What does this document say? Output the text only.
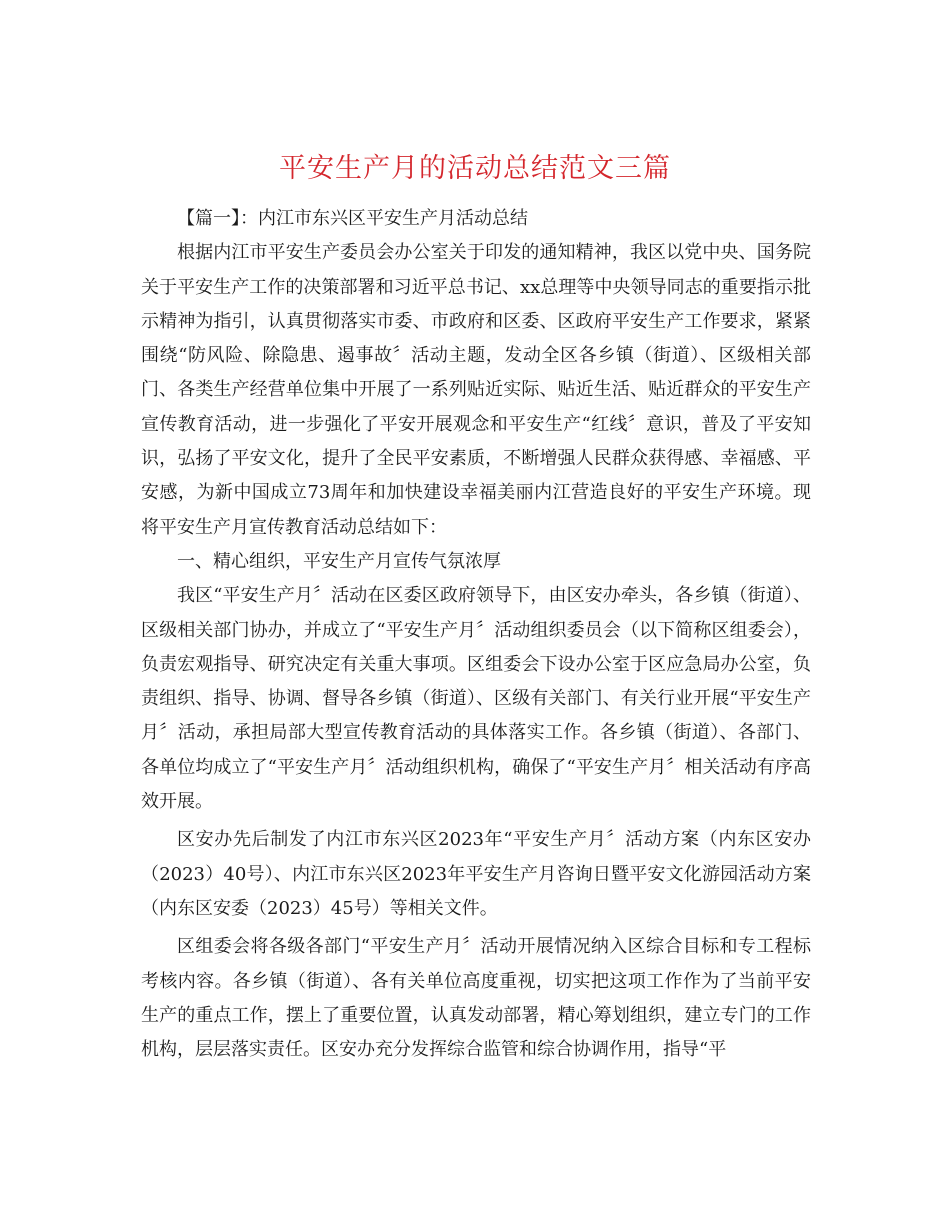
平安生产月的活动总结范文三篇

【篇一】：内江市东兴区平安生产月活动总结

根据内江市平安生产委员会办公室关于印发的通知精神，我区以党中央、国务院关于平安生产工作的决策部署和习近平总书记、xx总理等中央领导同志的重要指示批示精神为指引，认真贯彻落实市委、市政府和区委、区政府平安生产工作要求，紧紧围绕“防风险、除隐患、遏事故〞活动主题，发动全区各乡镇（街道）、区级相关部门、各类生产经营单位集中开展了一系列贴近实际、贴近生活、贴近群众的平安生产宣传教育活动，进一步强化了平安开展观念和平安生产“红线〞意识，普及了平安知识，弘扬了平安文化，提升了全民平安素质，不断增强人民群众获得感、幸福感、平安感，为新中国成立73周年和加快建设幸福美丽内江营造良好的平安生产环境。现将平安生产月宣传教育活动总结如下：

一、精心组织，平安生产月宣传气氛浓厚

我区“平安生产月〞活动在区委区政府领导下，由区安办牵头，各乡镇（街道）、区级相关部门协办，并成立了“平安生产月〞活动组织委员会（以下简称区组委会），负责宏观指导、研究决定有关重大事项。区组委会下设办公室于区应急局办公室，负责组织、指导、协调、督导各乡镇（街道）、区级有关部门、有关行业开展“平安生产月〞活动，承担局部大型宣传教育活动的具体落实工作。各乡镇（街道）、各部门、各单位均成立了“平安生产月〞活动组织机构，确保了“平安生产月〞相关活动有序高效开展。

区安办先后制发了内江市东兴区2023年“平安生产月〞活动方案（内东区安办（2023）40号）、内江市东兴区2023年平安生产月咨询日暨平安文化游园活动方案（内东区安委（2023）45号）等相关文件。

区组委会将各级各部门“平安生产月〞活动开展情况纳入区综合目标和专工程标考核内容。各乡镇（街道）、各有关单位高度重视，切实把这项工作作为了当前平安生产的重点工作，摆上了重要位置，认真发动部署，精心筹划组织，建立专门的工作机构，层层落实责任。区安办充分发挥综合监管和综合协调作用，指导“平
